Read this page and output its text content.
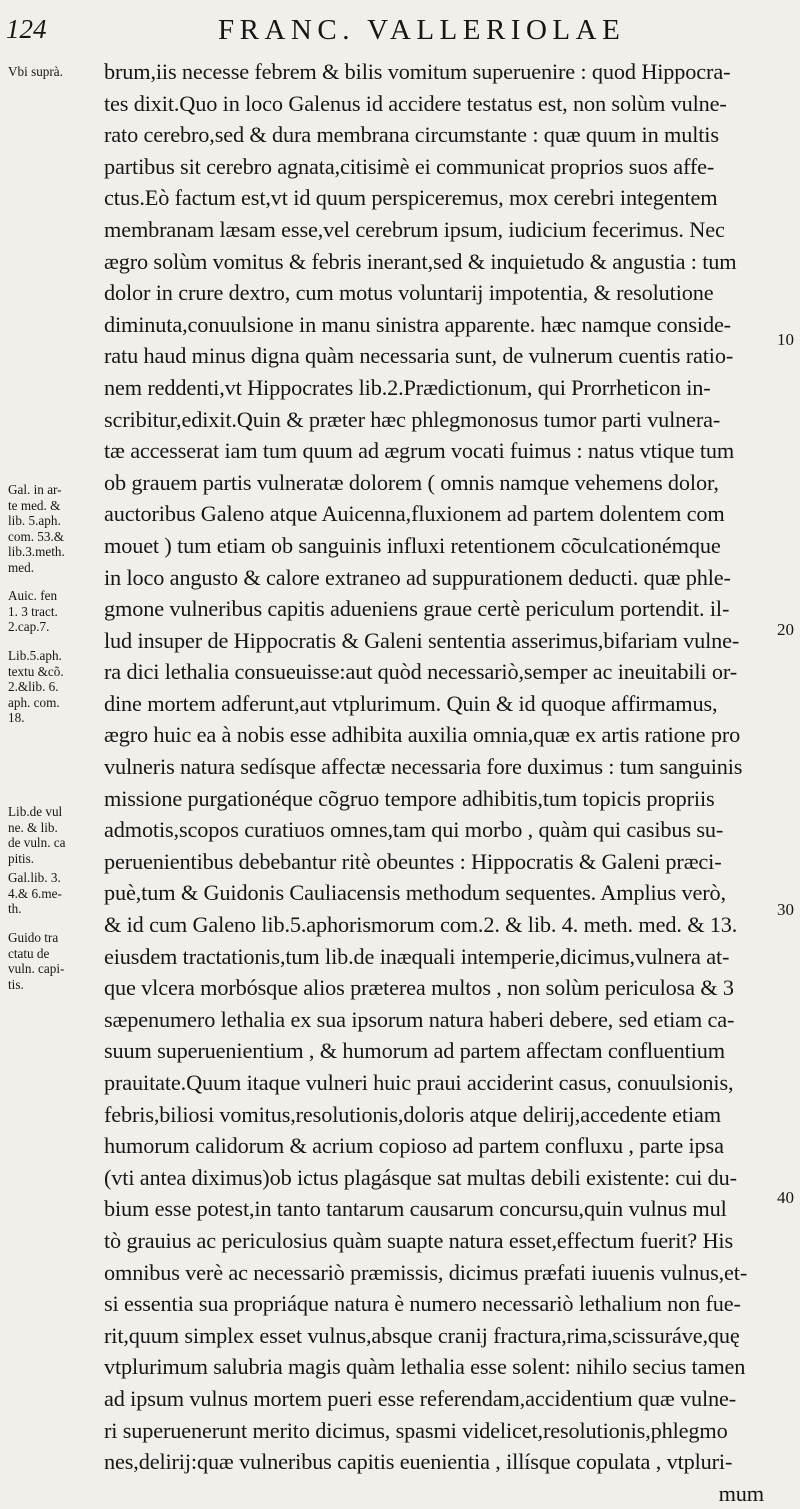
124	FRANC. VALLERIOLAE
Vbi suprà.
Gal. in ar-
te med. &
lib. 5.aph.
com. 53.&
lib.3.meth.
med.
Auic. fen
1. 3 tract.
2.cap.7.
Lib.5.aph.
textu &cõ.
2.&lib. 6.
aph. com.
18.
Lib.de vul
ne. & lib.
de vuln. ca
pitis.
Gal.lib. 3.
4.& 6.me-
th.
Guido tra
ctatu de
vuln. capi-
tis.
brum,iis necesse febrem & bilis vomitum superuenire : quod Hippocra-
tes dixit.Quo in loco Galenus id accidere testatus est, non solùm vulne-
rato cerebro,sed & dura membrana circumstante : quæ quum in multis
partibus sit cerebro agnata,citisimè ei communicat proprios suos affe-
ctus.Eò factum est,vt id quum perspiceremus, mox cerebri integentem
membranam læsam esse,vel cerebrum ipsum, iudicium fecerimus. Nec
ægro solùm vomitus & febris inerant,sed & inquietudo & angustia : tum
dolor in crure dextro, cum motus voluntarij impotentia, & resolutione
diminuta,conuulsione in manu sinistra apparente. hæc namque conside-
ratu haud minus digna quàm necessaria sunt, de vulnerum cuentis ratio-
nem reddenti,vt Hippocrates lib.2.Prædictionum, qui Prorrheticon in-
scribitur,edixit.Quin & præter hæc phlegmonosus tumor parti vulnera-
tæ accesserat iam tum quum ad ægrum vocati fuimus : natus vtique tum
ob grauem partis vulneratæ dolorem ( omnis namque vehemens dolor,
auctoribus Galeno atque Auicenna,fluxionem ad partem dolentem com
mouet ) tum etiam ob sanguinis influxi retentionem cõculcationémque
in loco angusto & calore extraneo ad suppurationem deducti. quæ phle-
gmone vulneribus capitis adueniens graue certè periculum portendit. il-
lud insuper de Hippocratis & Galeni sententia asserimus,bifariam vulne-
ra dici lethalia consueuisse:aut quòd necessariò,semper ac ineuitabili or-
dine mortem adferunt,aut vtplurimum. Quin & id quoque affirmamus,
ægro huic ea à nobis esse adhibita auxilia omnia,quæ ex artis ratione pro
vulneris natura sedísque affectæ necessaria fore duximus : tum sanguinis
missione purgationéque cõgruo tempore adhibitis,tum topicis propriis
admotis,scopos curatiuos omnes,tam qui morbo , quàm qui casibus su-
peruenientibus debebantur ritè obeuntes : Hippocratis & Galeni præci-
puè,tum & Guidonis Cauliacensis methodum sequentes. Amplius verò,
& id cum Galeno lib.5.aphorismorum com.2. & lib. 4. meth. med. & 13.
eiusdem tractationis,tum lib.de inæquali intemperie,dicimus,vulnera at-
que vlcera morbósque alios præterea multos , non solùm periculosa & 3
sæpenumero lethalia ex sua ipsorum natura haberi debere, sed etiam ca-
suum superuenientium , & humorum ad partem affectam confluentium
prauitate.Quum itaque vulneri huic praui acciderint casus, conuulsionis,
febris,biliosi vomitus,resolutionis,doloris atque delirij,accedente etiam
humorum calidorum & acrium copioso ad partem confluxu , parte ipsa
(vti antea diximus)ob ictus plagásque sat multas debili existente: cui du-
bium esse potest,in tanto tantarum causarum concursu,quin vulnus mul
tò grauius ac periculosius quàm suapte natura esset,effectum fuerit? His
omnibus verè ac necessariò præmissis, dicimus præfati iuuenis vulnus,et-
si essentia sua propriáque natura è numero necessariò lethalium non fue-
rit,quum simplex esset vulnus,absque cranij fractura,rima,scissuráve,quę
vtplurimum salubria magis quàm lethalia esse solent: nihilo secius tamen
ad ipsum vulnus mortem pueri esse referendam,accidentium quæ vulne-
ri superuenerunt merito dicimus, spasmi videlicet,resolutionis,phlegmo
nes,delirij:quæ vulneribus capitis euenientia , illísque copulata , vtpluri-
mum
10
20
30
40
